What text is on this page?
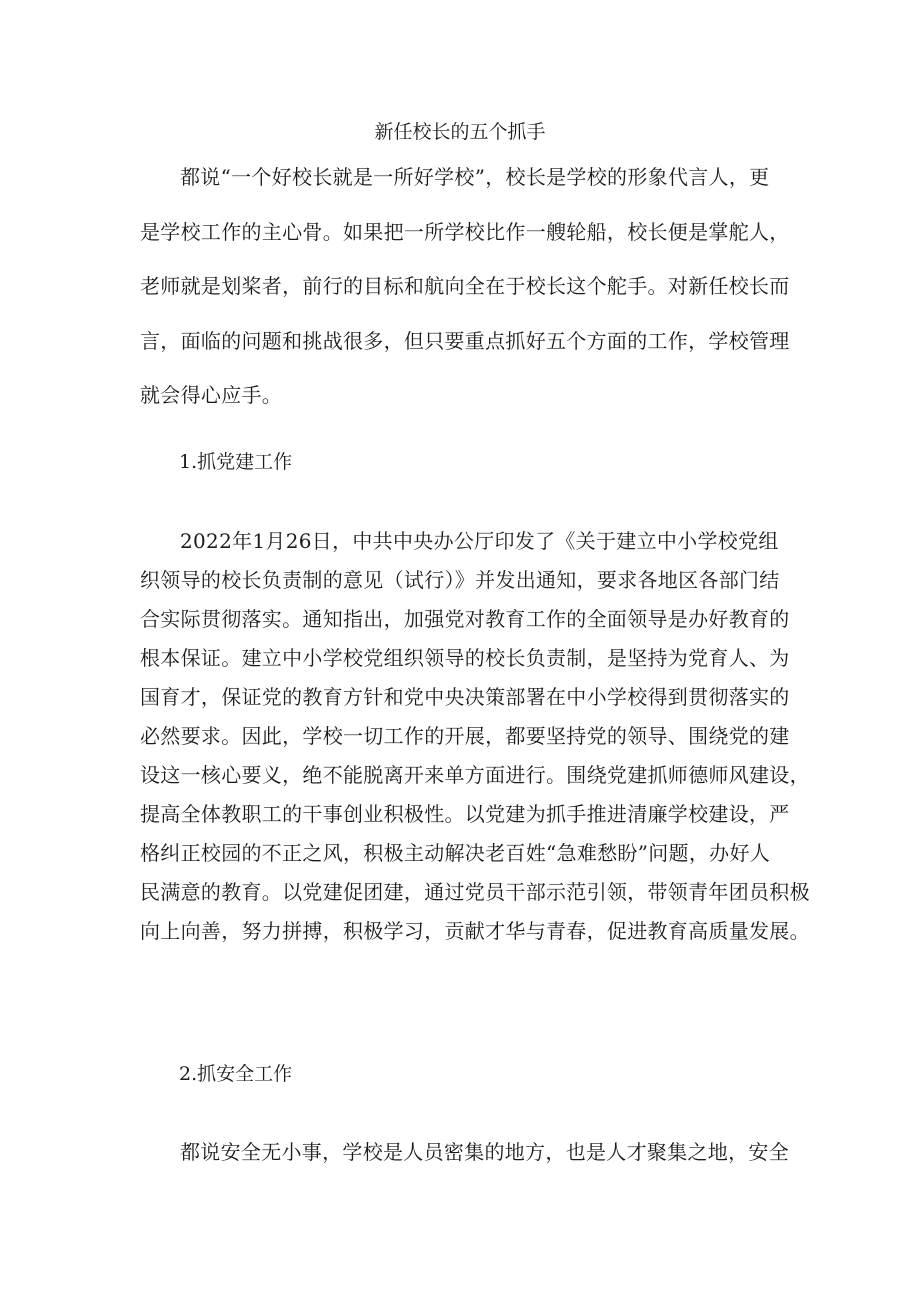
新任校长的五个抓手

都说“一个好校长就是一所好学校”，校长是学校的形象代言人，更
是学校工作的主心骨。如果把一所学校比作一艘轮船，校长便是掌舵人，
老师就是划桨者，前行的目标和航向全在于校长这个舵手。对新任校长而
言，面临的问题和挑战很多，但只要重点抓好五个方面的工作，学校管理
就会得心应手。

1.抓党建工作

2022年1月26日，中共中央办公厅印发了《关于建立中小学校党组
织领导的校长负责制的意见（试行）》并发出通知，要求各地区各部门结
合实际贯彻落实。通知指出，加强党对教育工作的全面领导是办好教育的
根本保证。建立中小学校党组织领导的校长负责制，是坚持为党育人、为
国育才，保证党的教育方针和党中央决策部署在中小学校得到贯彻落实的
必然要求。因此，学校一切工作的开展，都要坚持党的领导、围绕党的建
设这一核心要义，绝不能脱离开来单方面进行。围绕党建抓师德师风建设，
提高全体教职工的干事创业积极性。以党建为抓手推进清廉学校建设，严
格纠正校园的不正之风，积极主动解决老百姓“急难愁盼”问题，办好人
民满意的教育。以党建促团建，通过党员干部示范引领，带领青年团员积极
向上向善，努力拼搏，积极学习，贡献才华与青春，促进教育高质量发展。

2.抓安全工作

都说安全无小事，学校是人员密集的地方，也是人才聚集之地，安全
